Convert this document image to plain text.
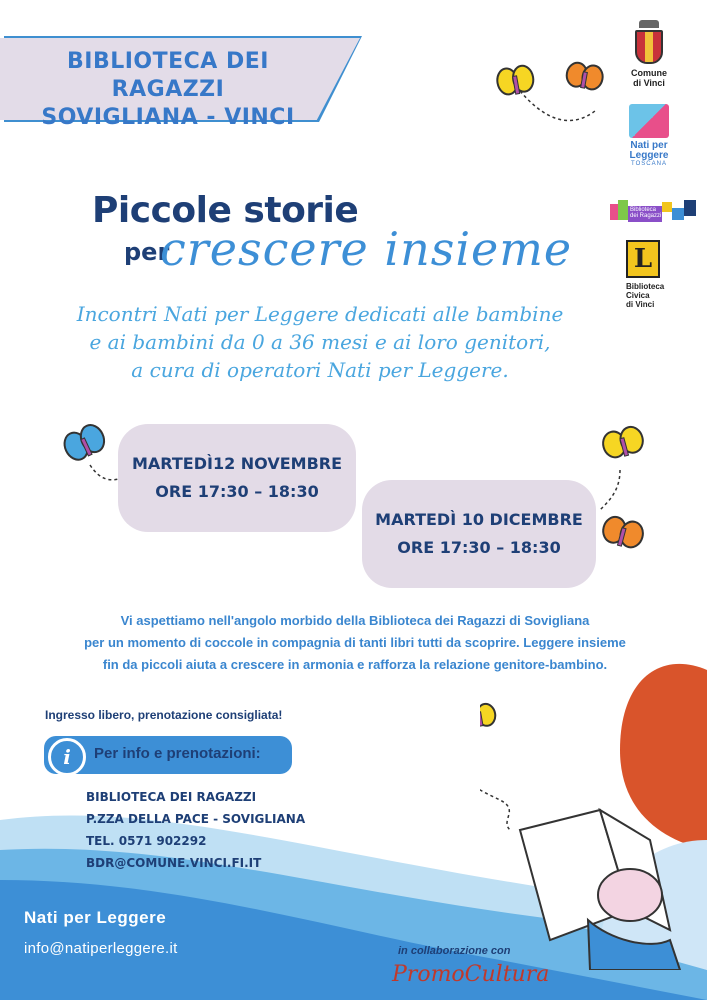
BIBLIOTECA DEI RAGAZZI
SOVIGLIANA - VINCI
Comune
di Vinci
Nati per
Leggere
TOSCANA
Biblioteca
dei Ragazzi
L
Biblioteca
Civica
di Vinci
Piccole storie
per
crescere insieme
Incontri Nati per Leggere dedicati alle bambine
e ai bambini da 0 a 36 mesi e ai loro genitori,
a cura di operatori Nati per Leggere.
MARTEDÌ12 NOVEMBRE
ORE 17:30 – 18:30
MARTEDÌ 10 DICEMBRE
ORE 17:30 – 18:30
Vi aspettiamo nell'angolo morbido della Biblioteca dei Ragazzi di Sovigliana
per un momento di coccole in compagnia di tanti libri tutti da scoprire. Leggere insieme
fin da piccoli aiuta a crescere in armonia e rafforza la relazione genitore-bambino.
Ingresso libero, prenotazione consigliata!
i	Per info e prenotazioni:
BIBLIOTECA DEI RAGAZZI
P.ZZA DELLA PACE - SOVIGLIANA
TEL. 0571 902292
BDR@COMUNE.VINCI.FI.IT
Nati per Leggere
info@natiperleggere.it	in collaborazione con
PromoCultura
